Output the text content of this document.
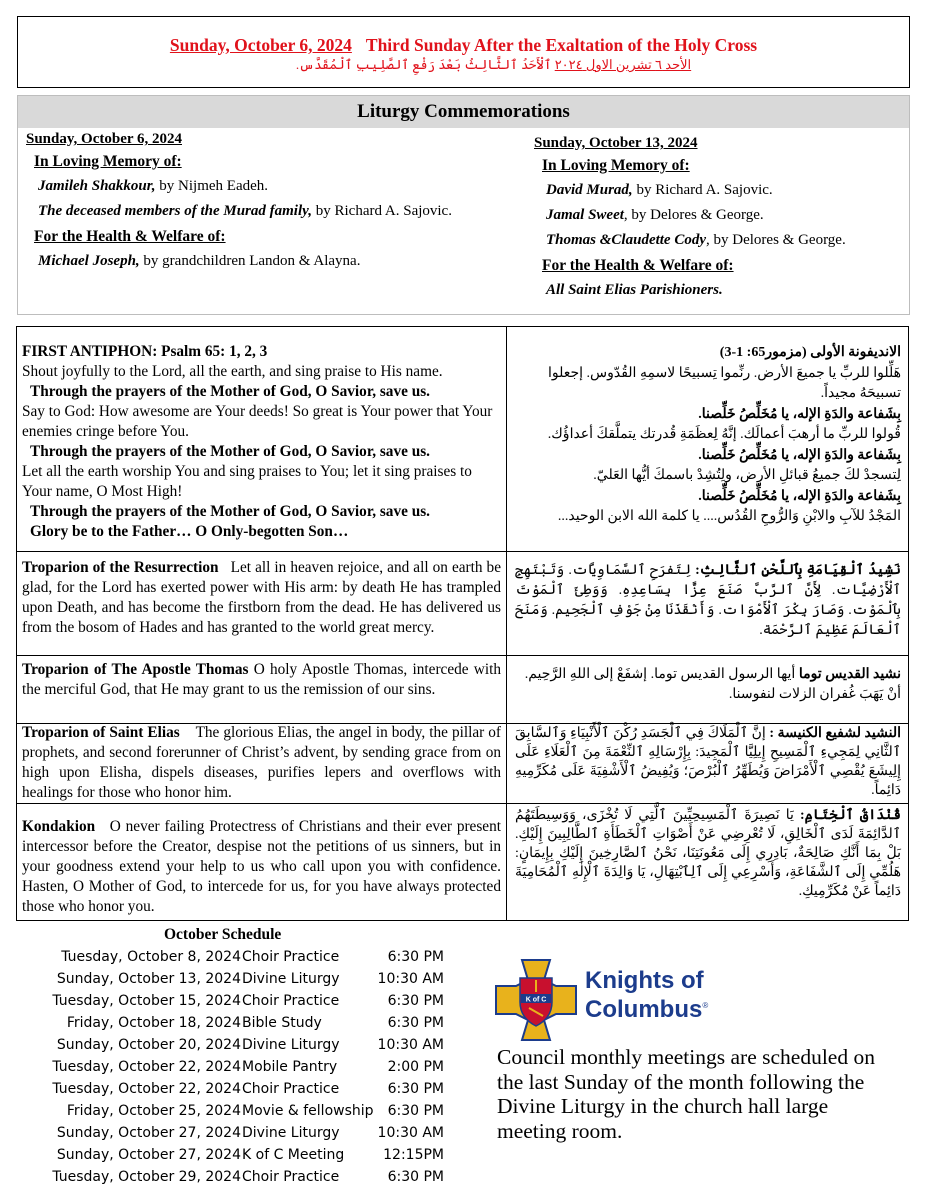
Sunday, October 6, 2024 Third Sunday After the Exaltation of the Holy Cross
الأحد ٦ تشرين الاول ٢٠٢٤ ٱلْأَحَدُ ٱلثَّالِثُ بَعْدَ رَفْعِ ٱلصَّلِيبِ ٱلْمُقَدَّس.
Liturgy Commemorations
Sunday, October 6, 2024
In Loving Memory of:
Jamileh Shakkour, by Nijmeh Eadeh.
The deceased members of the Murad family, by Richard A. Sajovic.
For the Health & Welfare of:
Michael Joseph, by grandchildren Landon & Alayna.
Sunday, October 13, 2024
In Loving Memory of:
David Murad, by Richard A. Sajovic.
Jamal Sweet, by Delores & George.
Thomas &Claudette Cody, by Delores & George.
For the Health & Welfare of:
All Saint Elias Parishioners.
FIRST ANTIPHON: Psalm 65: 1, 2, 3
Shout joyfully to the Lord, all the earth, and sing praise to His name.
Through the prayers of the Mother of God, O Savior, save us.
Say to God: How awesome are Your deeds! So great is Your power that Your enemies cringe before You.
Through the prayers of the Mother of God, O Savior, save us.
Let all the earth worship You and sing praises to You; let it sing praises to Your name, O Most High!
Through the prayers of the Mother of God, O Savior, save us.
Glory be to the Father… O Only-begotten Son…
الانديفونة الأولى (مزمور65: 1-3)
هَلِّلوا للربِّ يا جميعَ الأرض. رنِّموا تِسبيحًا لاسمِهِ القُدّوس. إجعلوا تسبيحَهُ مجيداً.
بِشَفاعة والدَةِ الإله، يا مُخَلِّصُ خَلِّصنا.
قُولوا للربِّ ما أرهبَ أعمالَك. إنَّهُ لِعظَمَةِ قُدرتك يتملَّقكَ أعداؤُك.
بِشَفاعة والدَةِ الإله، يا مُخَلِّصُ خَلِّصنا.
لِتسجدْ لكَ جميعُ قبائلِ الأرض، ولِتُشِدْ باسمكَ أيُّها العَليّ.
بِشَفاعة والدَةِ الإله، يا مُخَلِّصُ خَلِّصنا.
المَجْدُ للآبِ والابْنِ وَالرُّوحِ القُدُس.... يا كلمة الله الابن الوحيد...
Troparion of the Resurrection Let all in heaven rejoice, and all on earth be glad, for the Lord has exerted power with His arm: by death He has trampled upon Death, and has become the firstborn from the dead. He has delivered us from the bosom of Hades and has granted to the world great mercy.
نَشِيدُ ٱلْقِيَامَةِ بِٱللَّحْنِ ٱلثَّالِثِ: لِتَفرَحِ ٱلسَّمَاوِيَّات. وَتَبْتَهِجِ ٱلْأَرْضِيَّات. لِأَنَّ ٱلرَّبَّ صَنَعَ عِزًّا بِسَاعِدِهِ. وَوَطِئَ ٱلْمَوْتَ بِٱلْمَوْت. وَصَارَ بِكْرَ ٱلْأَمْوَات. وَأَنْقَذَنَا مِنْ جَوْفِ ٱلْجَحِيم. وَمَنَحَ ٱلْعَالَمَ عَظِيمَ ٱلرَّحْمَة.
Troparion of The Apostle Thomas O holy Apostle Thomas, intercede with the merciful God, that He may grant to us the remission of our sins.
نشيد القديس توما أيها الرسول القديس توما. إشفَعْ إلى اللهِ الرَّحِيم. أنْ يَهَبَ غُفران الزلات لنفوسنا.
Troparion of Saint Elias The glorious Elias, the angel in body, the pillar of prophets, and second forerunner of Christ’s advent, by sending grace from on high upon Elisha, dispels diseases, purifies lepers and overflows with healings for those who honor him.
النشيد لشفيع الكنيسة : إنَّ ٱلْمَلَاكَ فِي ٱلْجَسَدِ رُكْنَ ٱلْأَنْبِيَاءِ وَٱلسَّابِقَ ٱلثَّانِي لِمَجِيءِ ٱلْمَسِيحِ إِيلِيَّا ٱلْمَجِيدَ: بِإِرْسَالِهِ ٱلنِّعْمَةَ مِنَ ٱلْعَلَاءِ عَلَى إِلِيشَعَ يُقْصِي ٱلْأَمْرَاضَ وَيُطَهِّرُ ٱلْبُرْصَ؛ وَيُفِيضُ ٱلْأَشْفِيَةَ عَلَى مُكَرِّمِيهِ دَائِماً.
Kondakion O never failing Protectress of Christians and their ever present intercessor before the Creator, despise not the petitions of us sinners, but in your goodness extend your help to us who call upon you with confidence. Hasten, O Mother of God, to intercede for us, for you have always protected those who honor you.
قُنْدَاقُ ٱلْخِتَامِ: يَا نَصِيرَةَ ٱلْمَسِيحِيِّينَ ٱلَّتِي لَا تُخْزَى، وَوَسِيطَتَهُمُ ٱلدَّائِمَةَ لَدَى ٱلْخَالِقِ، لَا تُعْرِضِي عَنْ أَصْوَاتِ ٱلْخَطَأَةِ ٱلطَّالِبِينَ إِلَيْكِ. بَلْ بِمَا أَنَّكِ صَالِحَةٌ، بَادِرِي إِلَى مَعُونَتِنَا، نَحْنُ ٱلصَّارِخِينَ إِلَيْكِ بِإِيمَانٍ: هَلُمِّي إِلَى ٱلشَّفَاعَةِ، وَأَسْرِعِي إِلَى ٱلِٱبْتِهَالِ، يَا وَالِدَةَ ٱلْإِلٰهِ ٱلْمُحَامِيَةَ دَائِماً عَنْ مُكَرِّمِيكِ.
October Schedule
Tuesday, October 8, 2024 Choir Practice	6:30 PM
Sunday, October 13, 2024 Divine Liturgy	10:30 AM
Tuesday, October 15, 2024 Choir Practice	6:30 PM
Friday, October 18, 2024 Bible Study	6:30 PM
Sunday, October 20, 2024 Divine Liturgy	10:30 AM
Tuesday, October 22, 2024 Mobile Pantry	2:00 PM
Tuesday, October 22, 2024 Choir Practice	6:30 PM
Friday, October 25, 2024 Movie & fellowship 6:30 PM
Sunday, October 27, 2024 Divine Liturgy	10:30 AM
Sunday, October 27, 2024 K of C Meeting	12:15PM
Tuesday, October 29, 2024 Choir Practice	6:30 PM
K of C
Knights of
Columbus®
Council monthly meetings are scheduled on the last Sunday of the month following the Divine Liturgy in the church hall large meeting room.
